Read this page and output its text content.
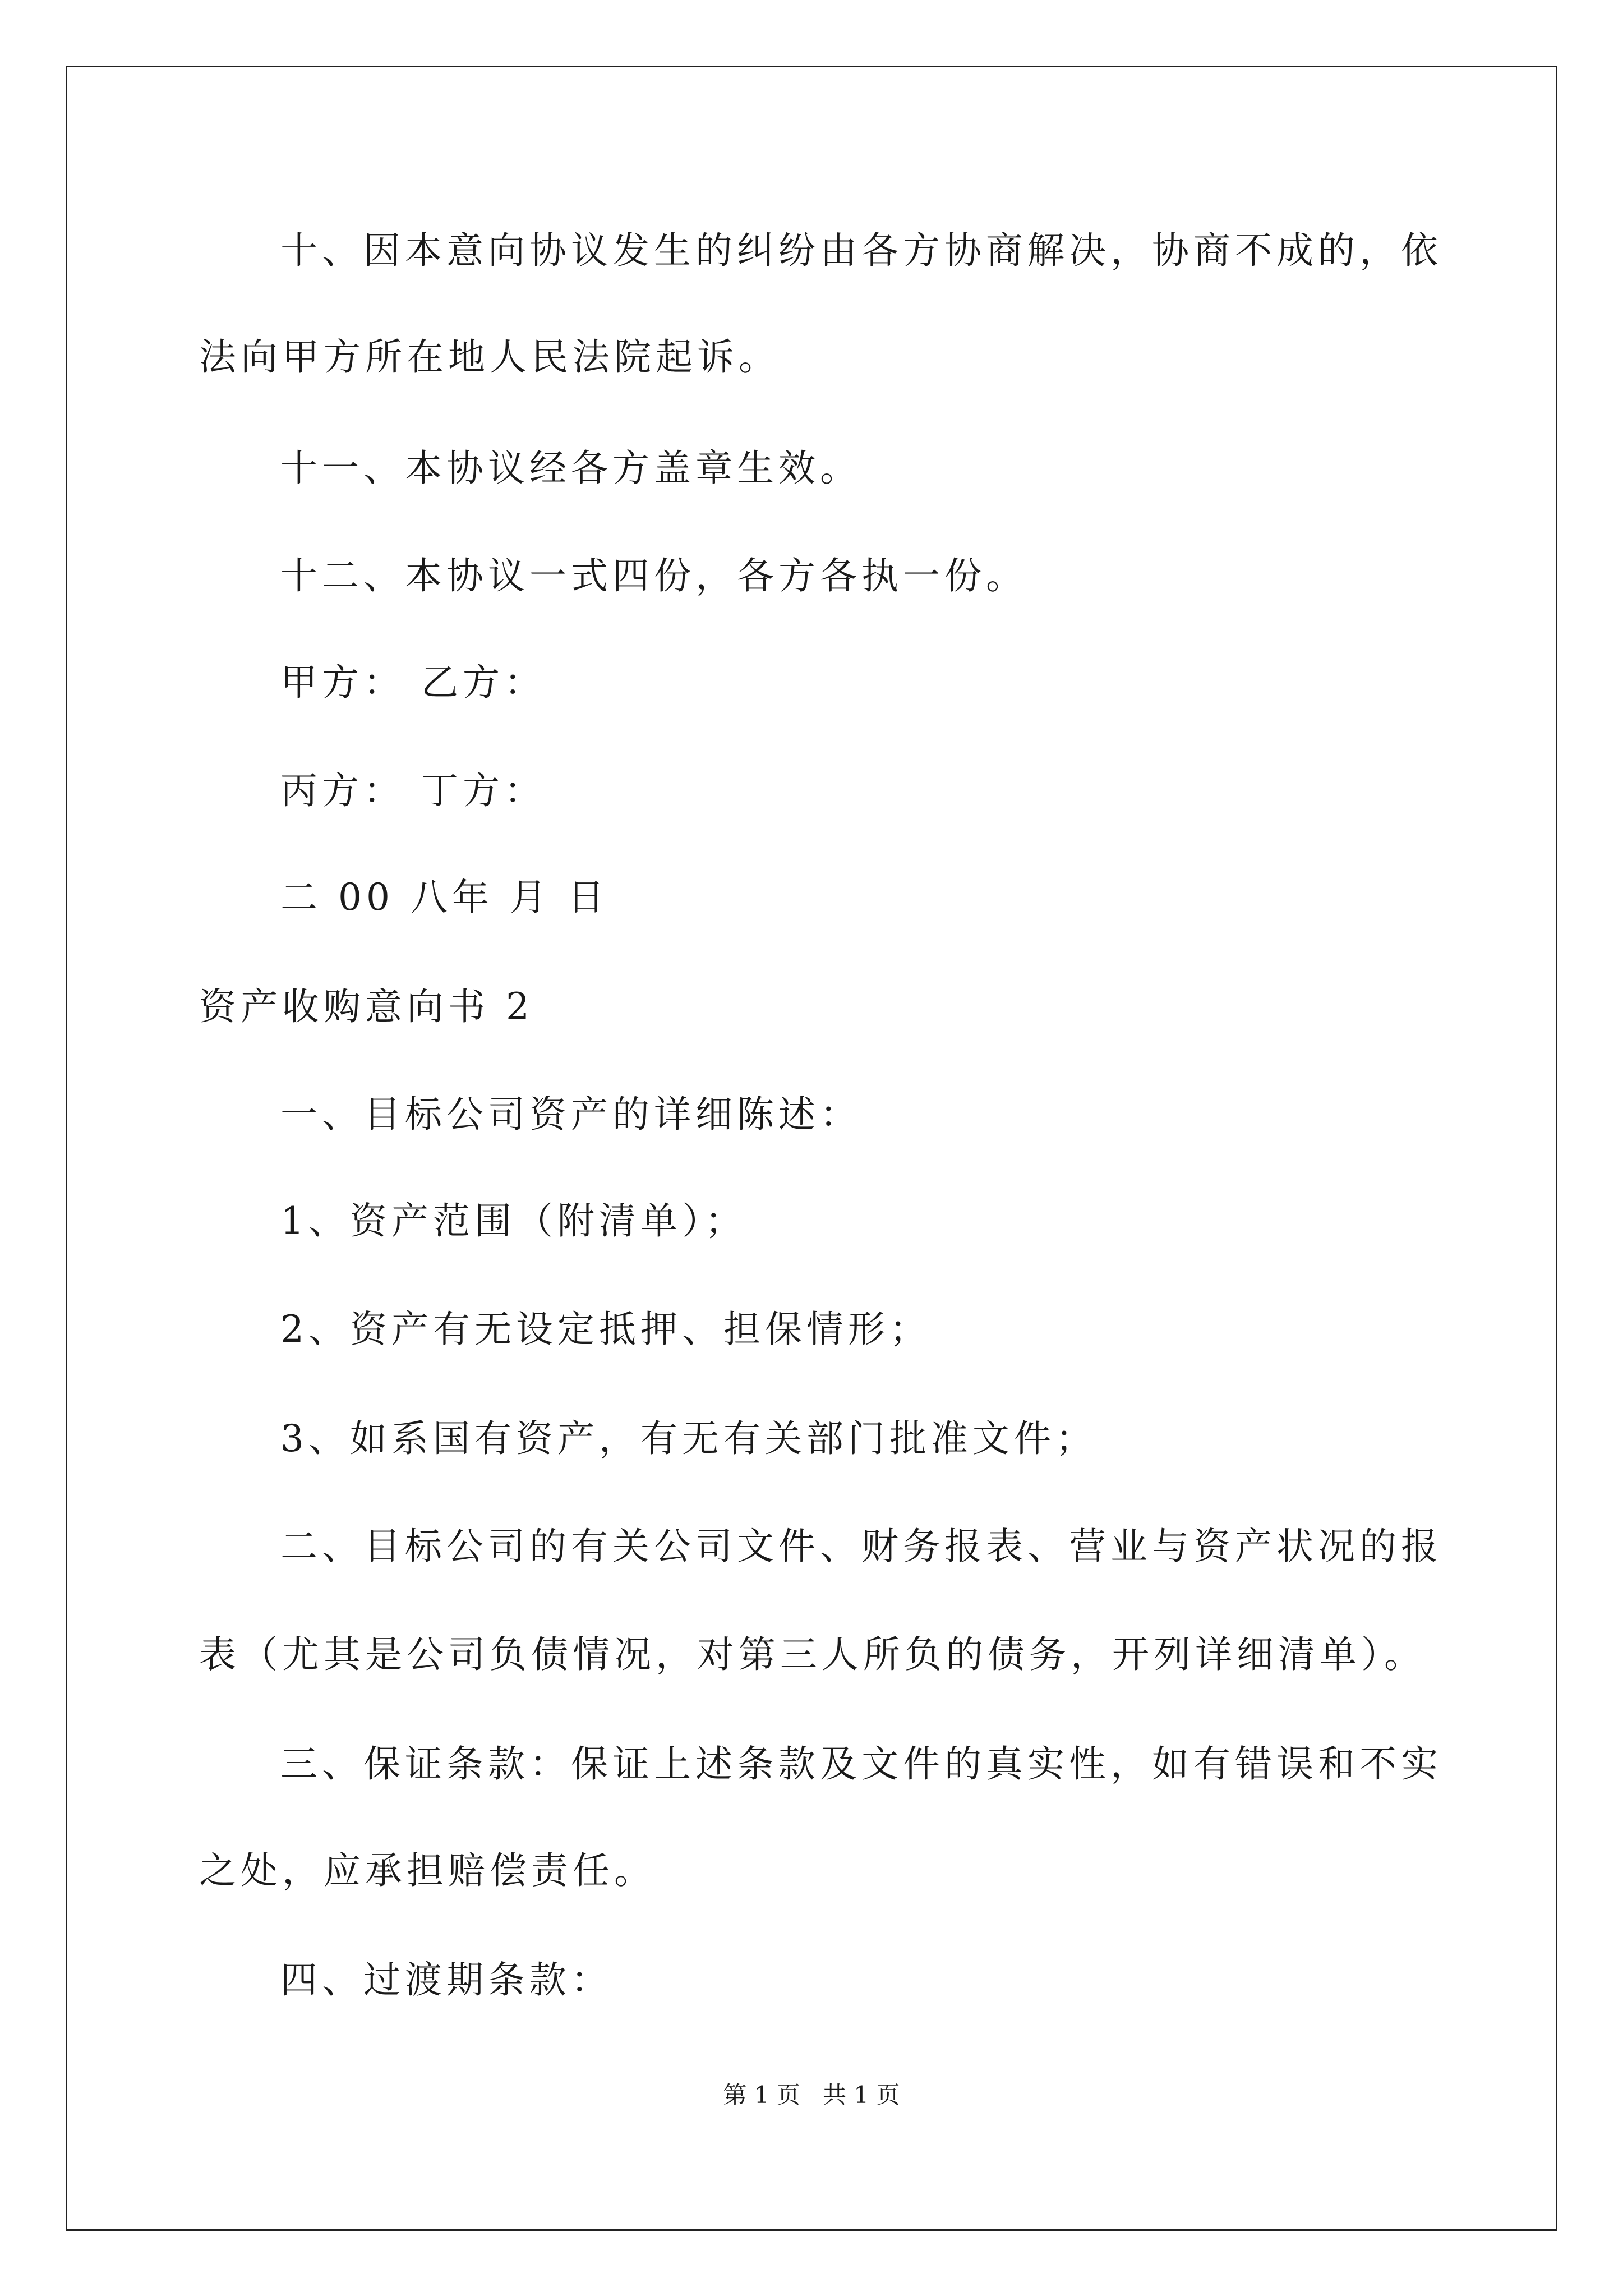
十、因本意向协议发生的纠纷由各方协商解决，协商不成的，依
法向甲方所在地人民法院起诉。
十一、本协议经各方盖章生效。
十二、本协议一式四份，各方各执一份。
甲方： 乙方：
丙方： 丁方：
二 00 八年 月 日
资产收购意向书 2
一、目标公司资产的详细陈述：
1、资产范围（附清单）；
2、资产有无设定抵押、担保情形；
3、如系国有资产，有无有关部门批准文件；
二、目标公司的有关公司文件、财务报表、营业与资产状况的报
表（尤其是公司负债情况，对第三人所负的债务，开列详细清单）。
三、保证条款：保证上述条款及文件的真实性，如有错误和不实
之处，应承担赔偿责任。
四、过渡期条款：
第 1 页   共 1 页
